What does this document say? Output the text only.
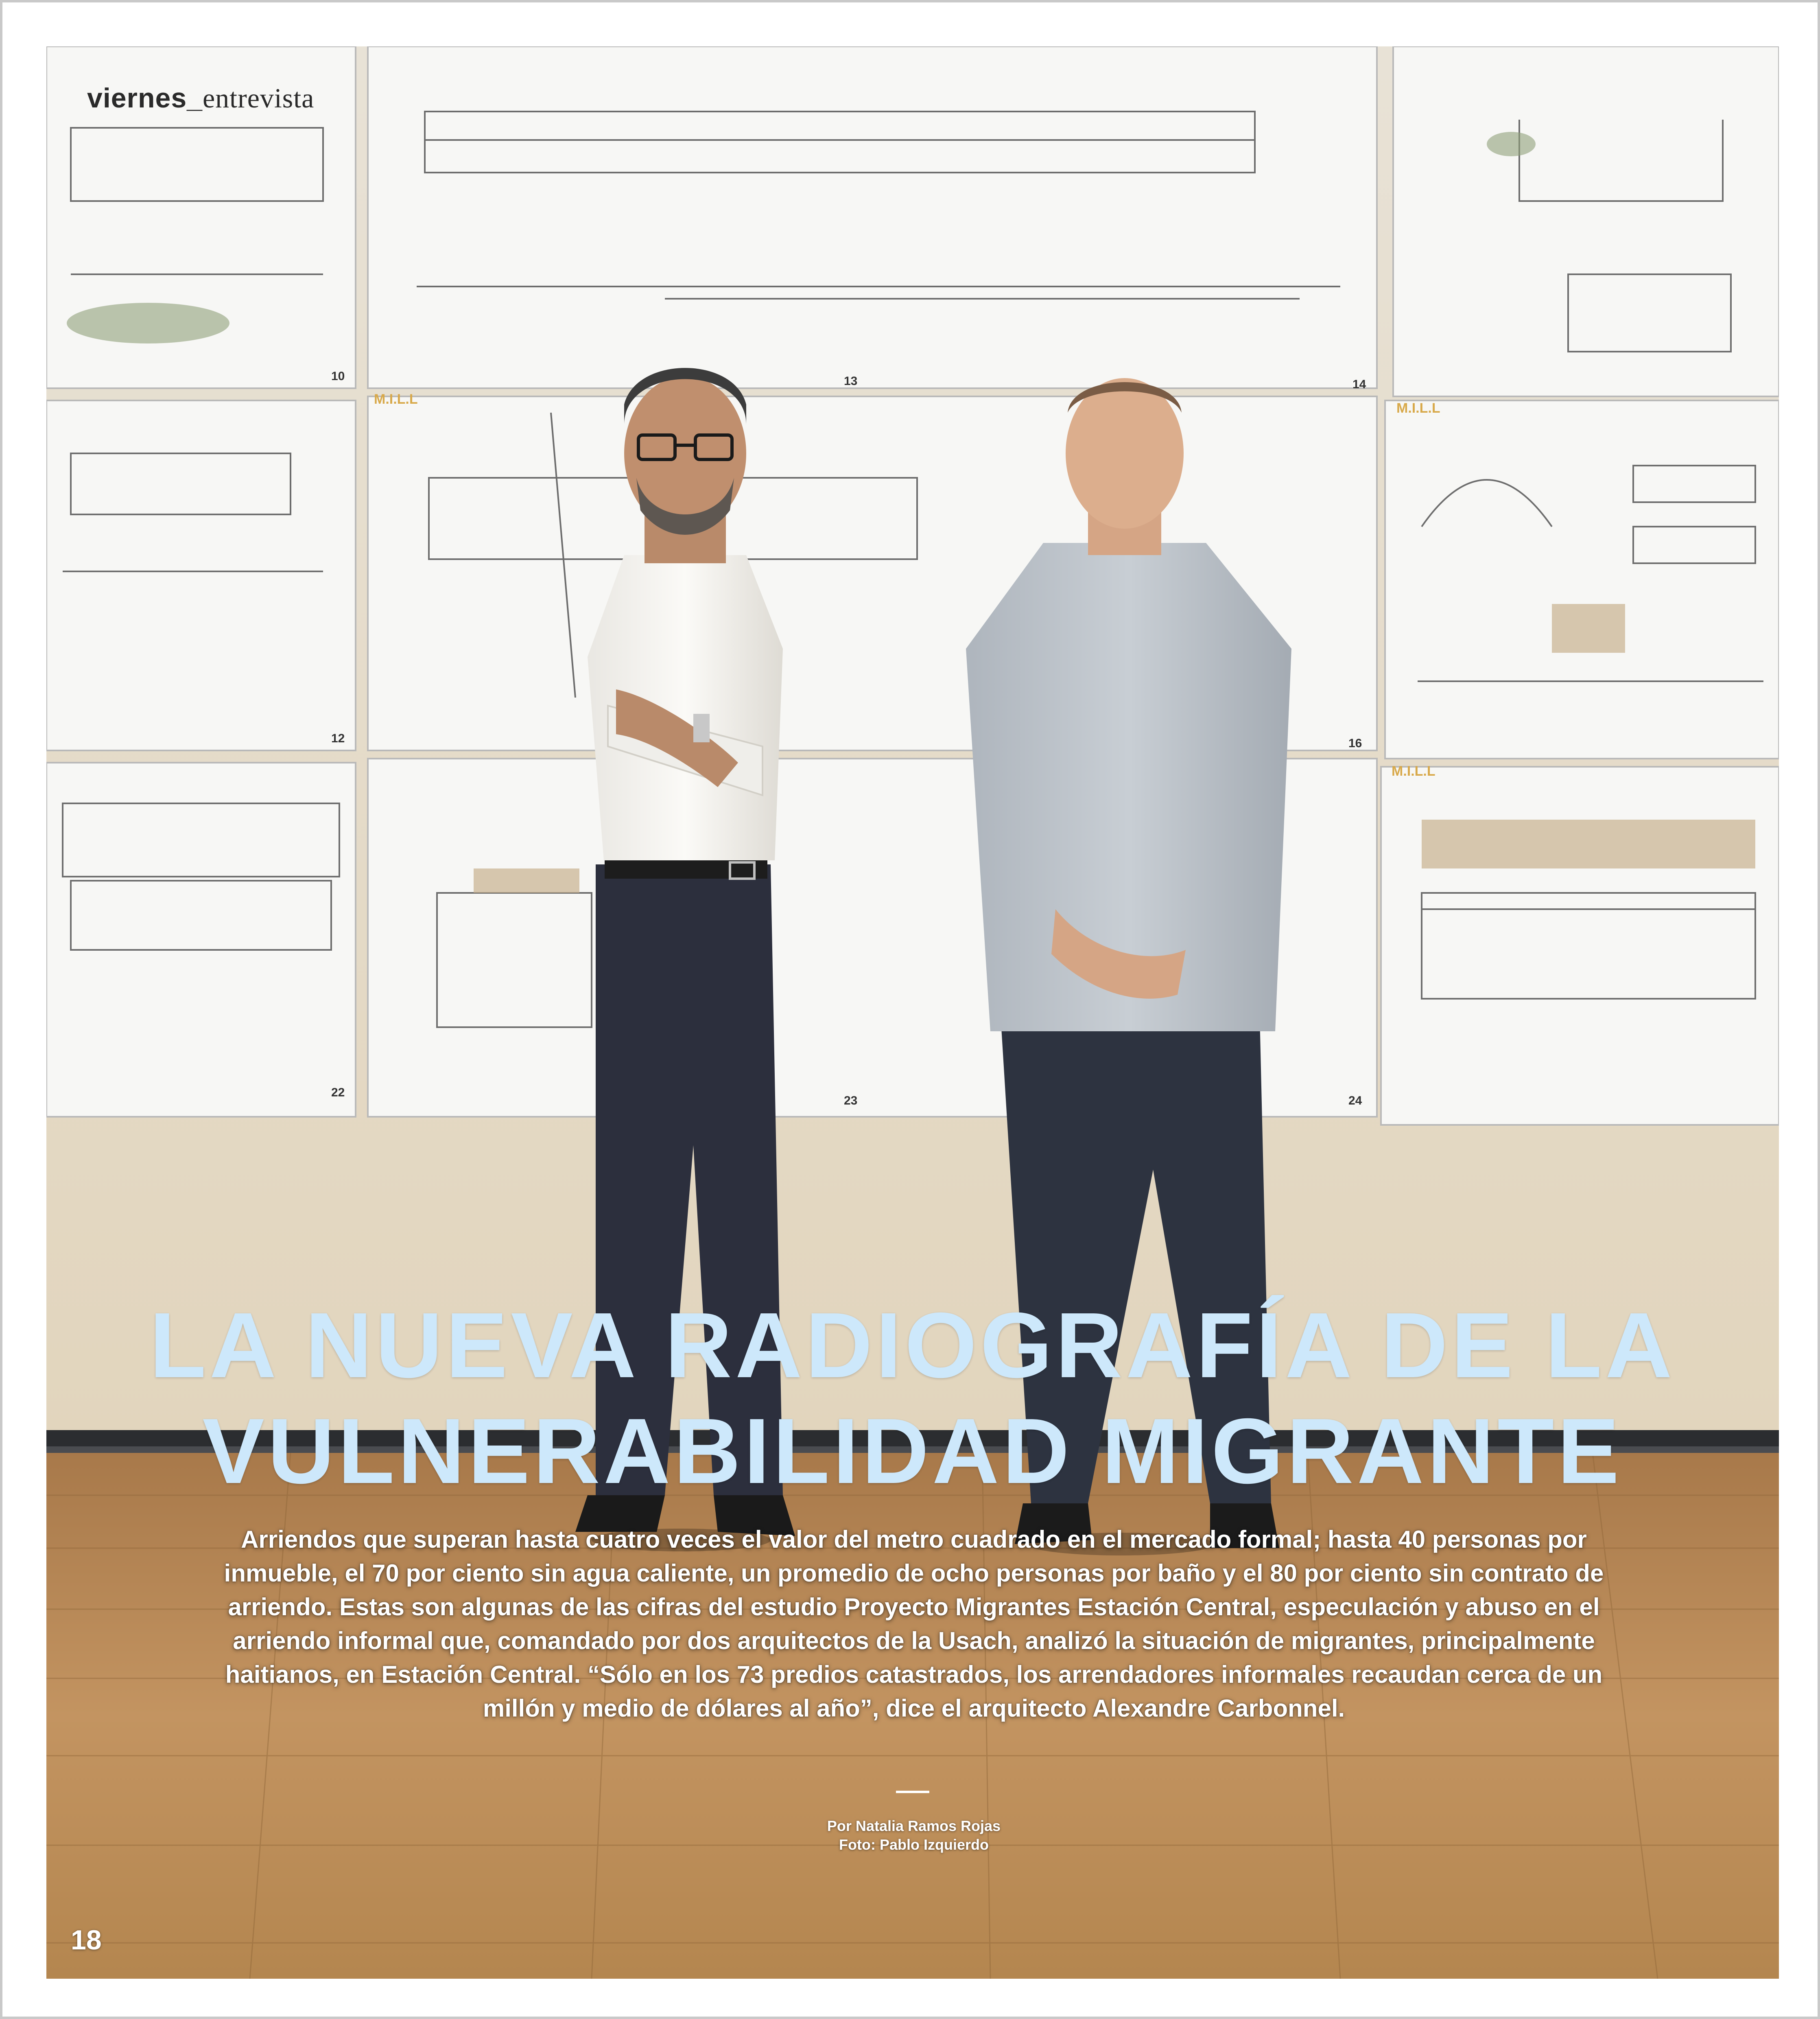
10	13	14
12	16
22
23	24
M.I.L.L
M.I.L.L
M.I.L.L
viernes_entrevista
LA NUEVA RADIOGRAFÍA DE LA
VULNERABILIDAD MIGRANTE
Arriendos que superan hasta cuatro veces el valor del metro cuadrado en el mercado formal; hasta 40 personas por inmueble, el 70 por ciento sin agua caliente, un promedio de ocho personas por baño y el 80 por ciento sin contrato de arriendo. Estas son algunas de las cifras del estudio Proyecto Migrantes Estación Central, especulación y abuso en el arriendo informal que, comandado por dos arquitectos de la Usach, analizó la situación de migrantes, principalmente haitianos, en Estación Central. “Sólo en los 73 predios catastrados, los arrendadores informales recaudan cerca de un millón y medio de dólares al año”, dice el arquitecto Alexandre Carbonnel.
Por Natalia Ramos Rojas
Foto: Pablo Izquierdo
18
